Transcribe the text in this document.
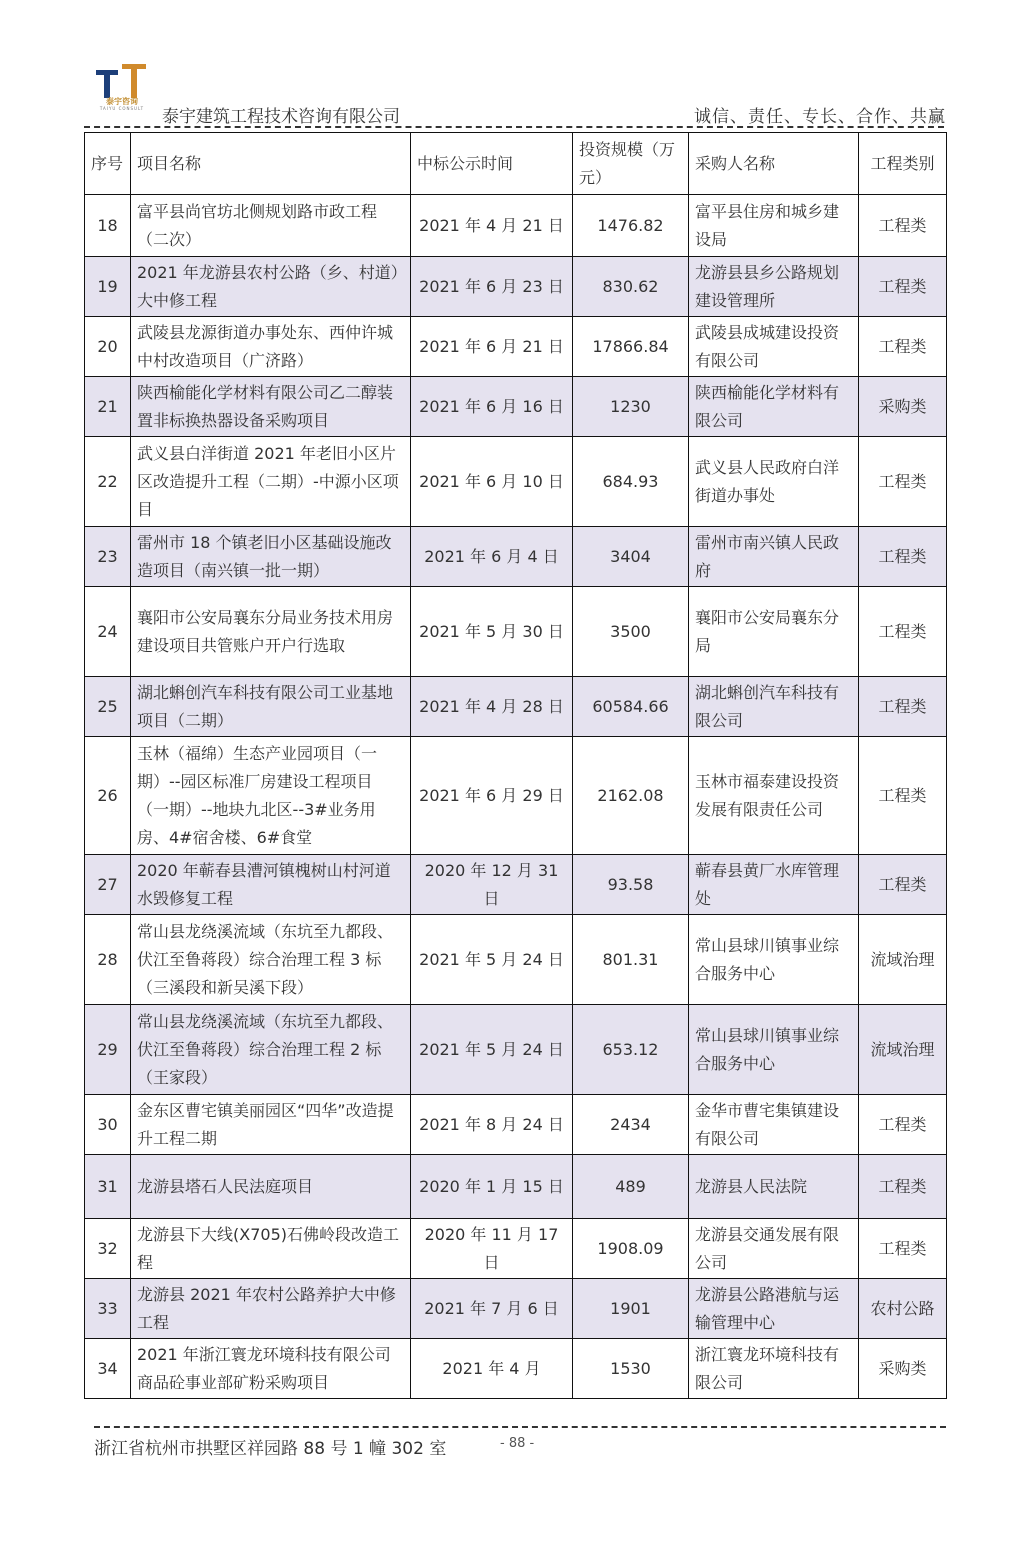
泰宇咨询
TAIYU CONSULT	泰宇建筑工程技术咨询有限公司	诚信、责任、专长、合作、共赢
序号	项目名称	中标公示时间	投资规模（万元）	采购人名称	工程类别
18	富平县尚官坊北侧规划路市政工程（二次）	2021 年 4 月 21 日	1476.82	富平县住房和城乡建设局	工程类
19	2021 年龙游县农村公路（乡、村道）大中修工程	2021 年 6 月 23 日	830.62	龙游县县乡公路规划建设管理所	工程类
20	武陵县龙源街道办事处东、西仲许城中村改造项目（广济路）	2021 年 6 月 21 日	17866.84	武陵县成城建设投资有限公司	工程类
21	陕西榆能化学材料有限公司乙二醇装置非标换热器设备采购项目	2021 年 6 月 16 日	1230	陕西榆能化学材料有限公司	采购类
22	武义县白洋街道 2021 年老旧小区片区改造提升工程（二期）-中源小区项目	2021 年 6 月 10 日	684.93	武义县人民政府白洋街道办事处	工程类
23	雷州市 18 个镇老旧小区基础设施改造项目（南兴镇一批一期）	2021 年 6 月 4 日	3404	雷州市南兴镇人民政府	工程类
24	襄阳市公安局襄东分局业务技术用房建设项目共管账户开户行选取	2021 年 5 月 30 日	3500	襄阳市公安局襄东分局	工程类
25	湖北蝌创汽车科技有限公司工业基地项目（二期）	2021 年 4 月 28 日	60584.66	湖北蝌创汽车科技有限公司	工程类
26	玉林（福绵）生态产业园项目（一期）--园区标准厂房建设工程项目（一期）--地块九北区--3#业务用房、4#宿舍楼、6#食堂	2021 年 6 月 29 日	2162.08	玉林市福泰建设投资发展有限责任公司	工程类
27	2020 年蕲春县漕河镇槐树山村河道水毁修复工程	2020 年 12 月 31 日	93.58	蕲春县黄厂水库管理处	工程类
28	常山县龙绕溪流域（东坑至九都段、伏江至鲁蒋段）综合治理工程 3 标（三溪段和新吴溪下段）	2021 年 5 月 24 日	801.31	常山县球川镇事业综合服务中心	流域治理
29	常山县龙绕溪流域（东坑至九都段、伏江至鲁蒋段）综合治理工程 2 标（王家段）	2021 年 5 月 24 日	653.12	常山县球川镇事业综合服务中心	流域治理
30	金东区曹宅镇美丽园区“四华”改造提升工程二期	2021 年 8 月 24 日	2434	金华市曹宅集镇建设有限公司	工程类
31	龙游县塔石人民法庭项目	2020 年 1 月 15 日	489	龙游县人民法院	工程类
32	龙游县下大线(X705)石佛岭段改造工程	2020 年 11 月 17 日	1908.09	龙游县交通发展有限公司	工程类
33	龙游县 2021 年农村公路养护大中修工程	2021 年 7 月 6 日	1901	龙游县公路港航与运输管理中心	农村公路
34	2021 年浙江寰龙环境科技有限公司商品砼事业部矿粉采购项目	2021 年 4 月	1530	浙江寰龙环境科技有限公司	采购类
浙江省杭州市拱墅区祥园路 88 号 1 幢 302 室	- 88 -
